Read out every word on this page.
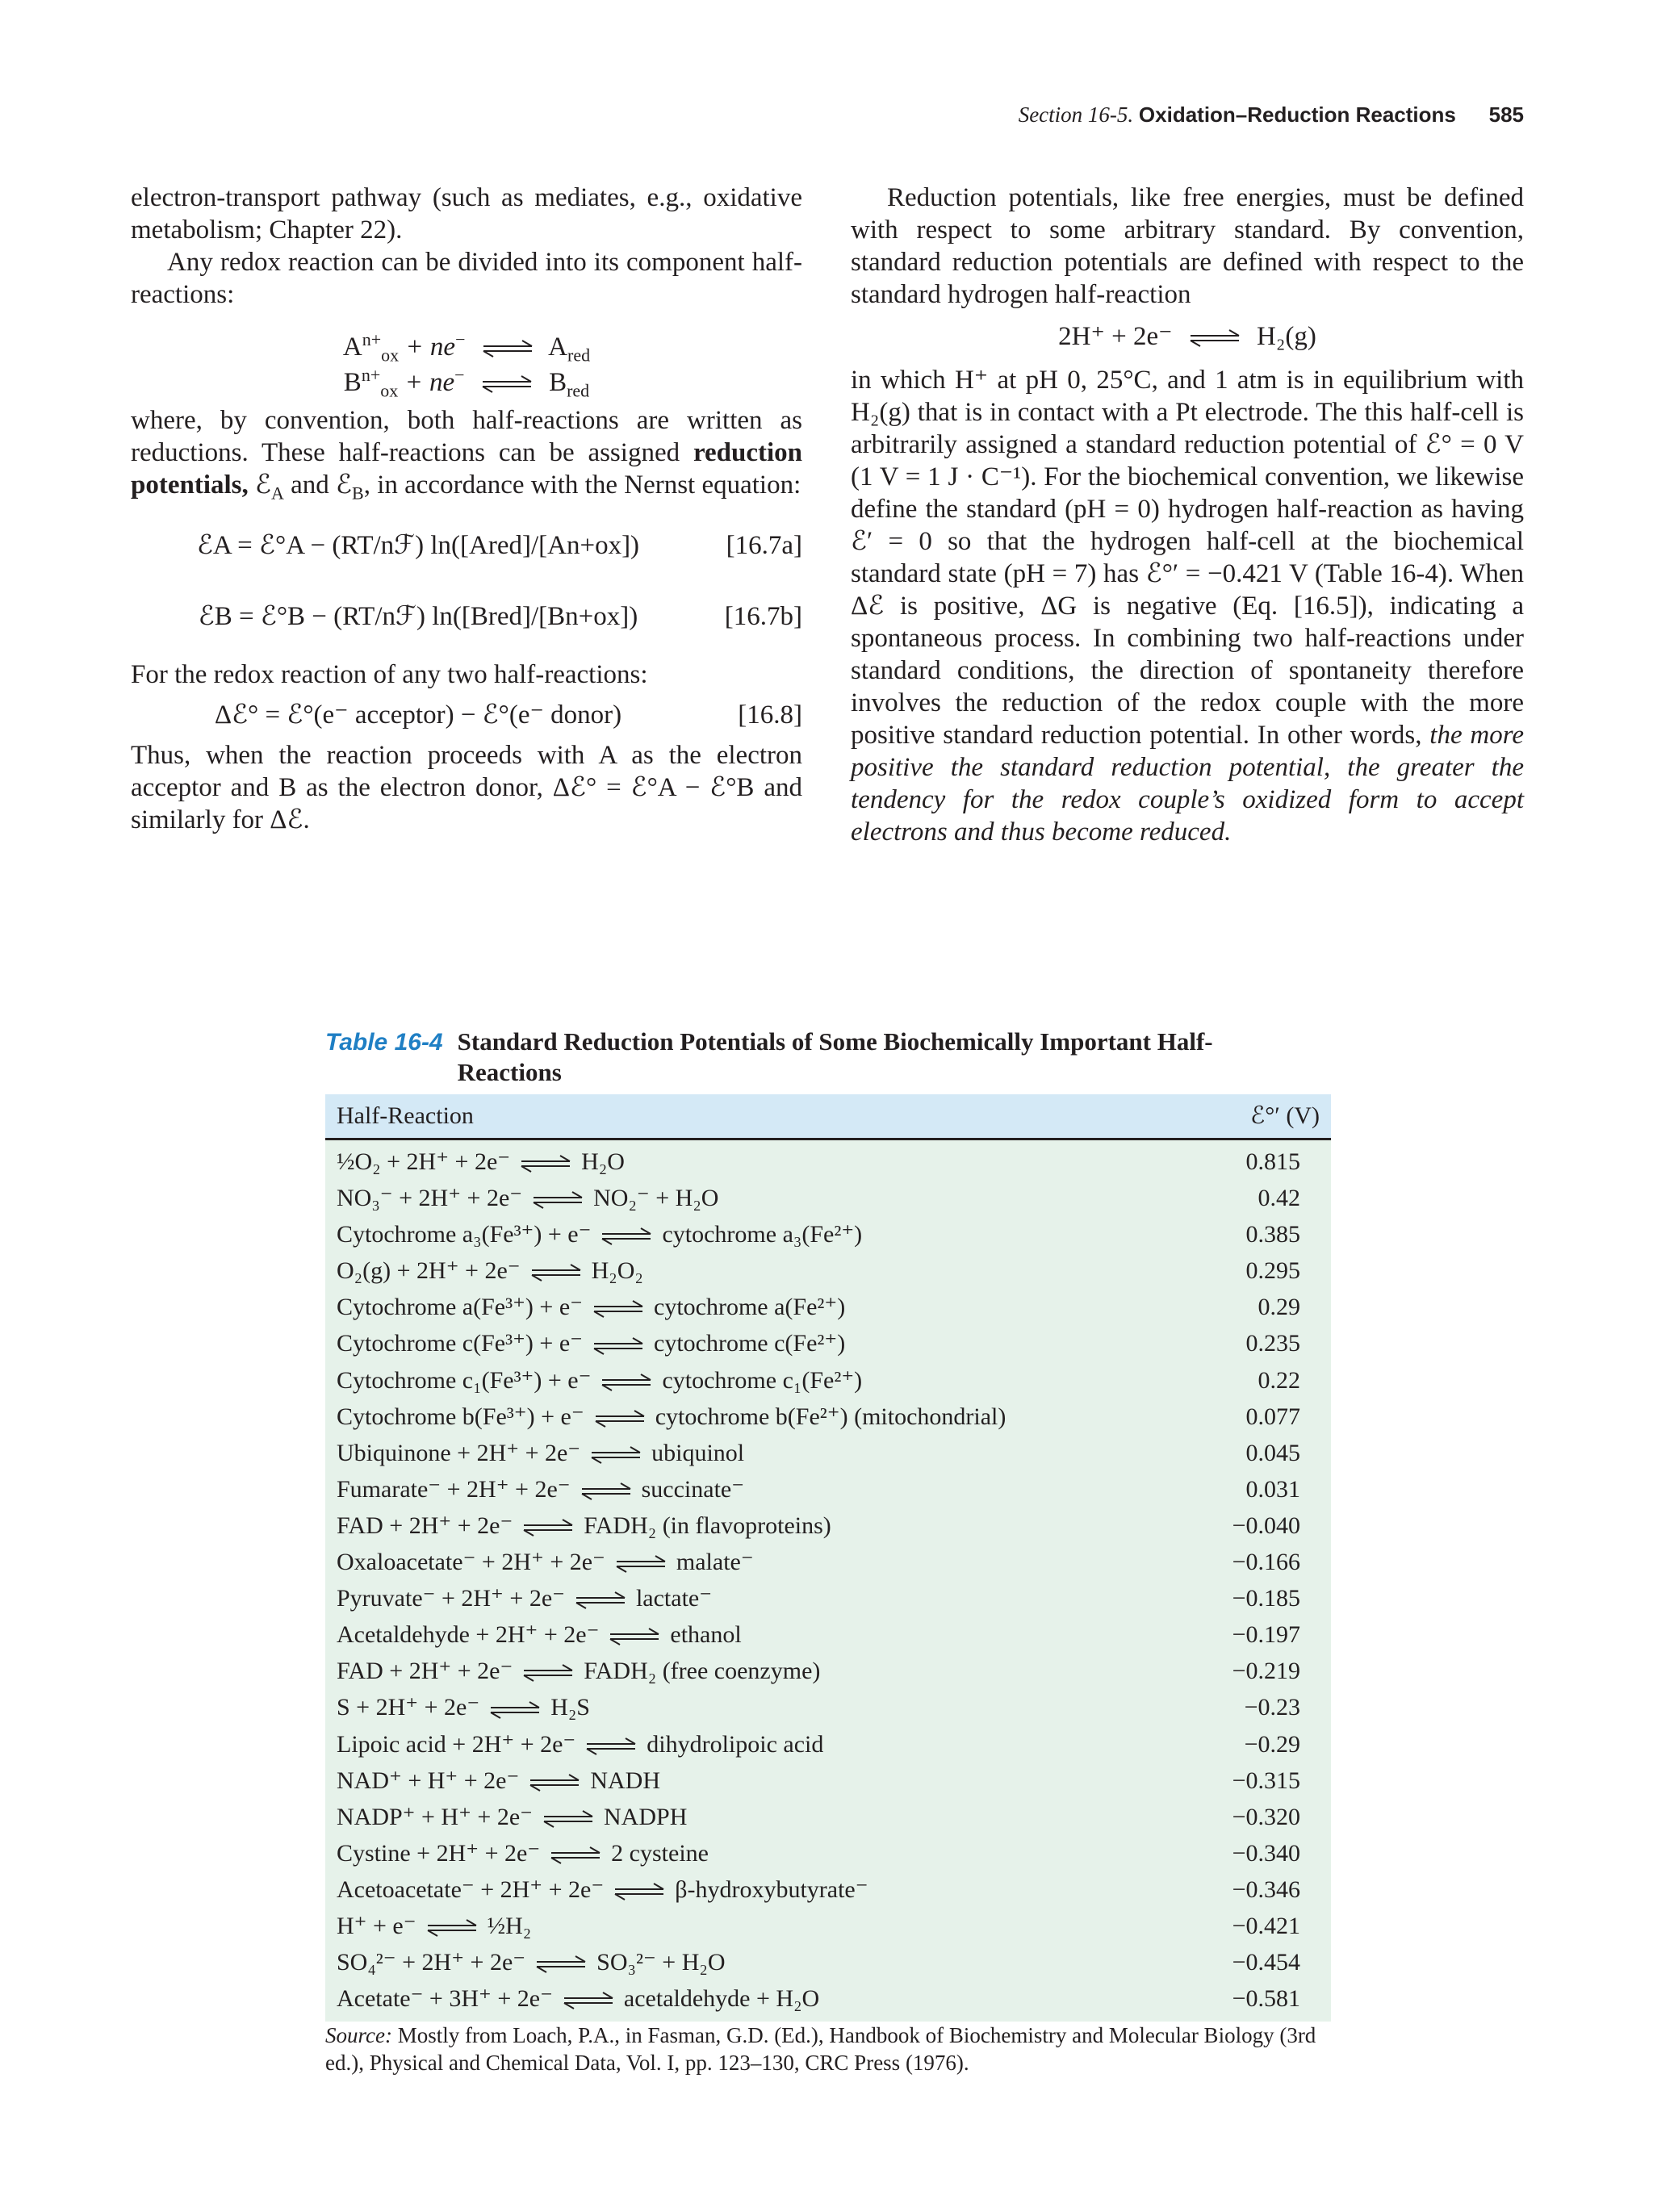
Section 16-5. Oxidation–Reduction Reactions 585

electron-transport pathway (such as mediates, e.g., oxidative metabolism; Chapter 22).

Any redox reaction can be divided into its component half-reactions:

$A^{n+}_{ox} + ne^-$	$A_{red}$
$B^{n+}_{ox} + ne^-$	$B_{red}$

where, by convention, both half-reactions are written as reductions. These half-reactions can be assigned reduction potentials, ℰ$_A$ and ℰ$_B$, in accordance with the Nernst equation:

ℰA = ℰ°A − (RT/nℱ) ln([Ared]/[An+ox])	[16.7a]
ℰB = ℰ°B − (RT/nℱ) ln([Bred]/[Bn+ox])	[16.7b]

For the redox reaction of any two half-reactions:

Δℰ° = ℰ°(e⁻ acceptor) − ℰ°(e⁻ donor)	[16.8]

Thus, when the reaction proceeds with A as the electron acceptor and B as the electron donor, Δℰ° = ℰ°A − ℰ°B and similarly for Δℰ.

Reduction potentials, like free energies, must be defined with respect to some arbitrary standard. By convention, standard reduction potentials are defined with respect to the standard hydrogen half-reaction

2H⁺ + 2e⁻	H₂(g)

in which H⁺ at pH 0, 25°C, and 1 atm is in equilibrium with H₂(g) that is in contact with a Pt electrode. The this half-cell is arbitrarily assigned a standard reduction potential of ℰ° = 0 V (1 V = 1 J · C⁻¹). For the biochemical convention, we likewise define the standard (pH = 0) hydrogen half-reaction as having ℰ′ = 0 so that the hydrogen half-cell at the biochemical standard state (pH = 7) has ℰ°′ = −0.421 V (Table 16-4). When Δℰ is positive, ΔG is negative (Eq. [16.5]), indicating a spontaneous process. In combining two half-reactions under standard conditions, the direction of spontaneity therefore involves the reduction of the redox couple with the more positive standard reduction potential. In other words, the more positive the standard reduction potential, the greater the tendency for the redox couple’s oxidized form to accept electrons and thus become reduced.

Table 16-4 Standard Reduction Potentials of Some Biochemically Important Half-Reactions
Half-Reaction	ℰ°′ (V)
½O₂ + 2H⁺ + 2e⁻	H₂O	0.815
NO₃⁻ + 2H⁺ + 2e⁻	NO₂⁻ + H₂O	0.42
Cytochrome a₃(Fe³⁺) + e⁻	cytochrome a₃(Fe²⁺)	0.385
O₂(g) + 2H⁺ + 2e⁻	H₂O₂	0.295
Cytochrome a(Fe³⁺) + e⁻	cytochrome a(Fe²⁺)	0.29
Cytochrome c(Fe³⁺) + e⁻	cytochrome c(Fe²⁺)	0.235
Cytochrome c₁(Fe³⁺) + e⁻	cytochrome c₁(Fe²⁺)	0.22
Cytochrome b(Fe³⁺) + e⁻	cytochrome b(Fe²⁺) (mitochondrial)	0.077
Ubiquinone + 2H⁺ + 2e⁻	ubiquinol	0.045
Fumarate⁻ + 2H⁺ + 2e⁻	succinate⁻	0.031
FAD + 2H⁺ + 2e⁻	FADH₂ (in flavoproteins)	−0.040
Oxaloacetate⁻ + 2H⁺ + 2e⁻	malate⁻	−0.166
Pyruvate⁻ + 2H⁺ + 2e⁻	lactate⁻	−0.185
Acetaldehyde + 2H⁺ + 2e⁻	ethanol	−0.197
FAD + 2H⁺ + 2e⁻	FADH₂ (free coenzyme)	−0.219
S + 2H⁺ + 2e⁻	H₂S	−0.23
Lipoic acid + 2H⁺ + 2e⁻	dihydrolipoic acid	−0.29
NAD⁺ + H⁺ + 2e⁻	NADH	−0.315
NADP⁺ + H⁺ + 2e⁻	NADPH	−0.320
Cystine + 2H⁺ + 2e⁻	2 cysteine	−0.340
Acetoacetate⁻ + 2H⁺ + 2e⁻	β-hydroxybutyrate⁻	−0.346
H⁺ + e⁻	½H₂	−0.421
SO₄²⁻ + 2H⁺ + 2e⁻	SO₃²⁻ + H₂O	−0.454
Acetate⁻ + 3H⁺ + 2e⁻	acetaldehyde + H₂O	−0.581
Source: Mostly from Loach, P.A., in Fasman, G.D. (Ed.), Handbook of Biochemistry and Molecular Biology (3rd ed.), Physical and Chemical Data, Vol. I, pp. 123–130, CRC Press (1976).
